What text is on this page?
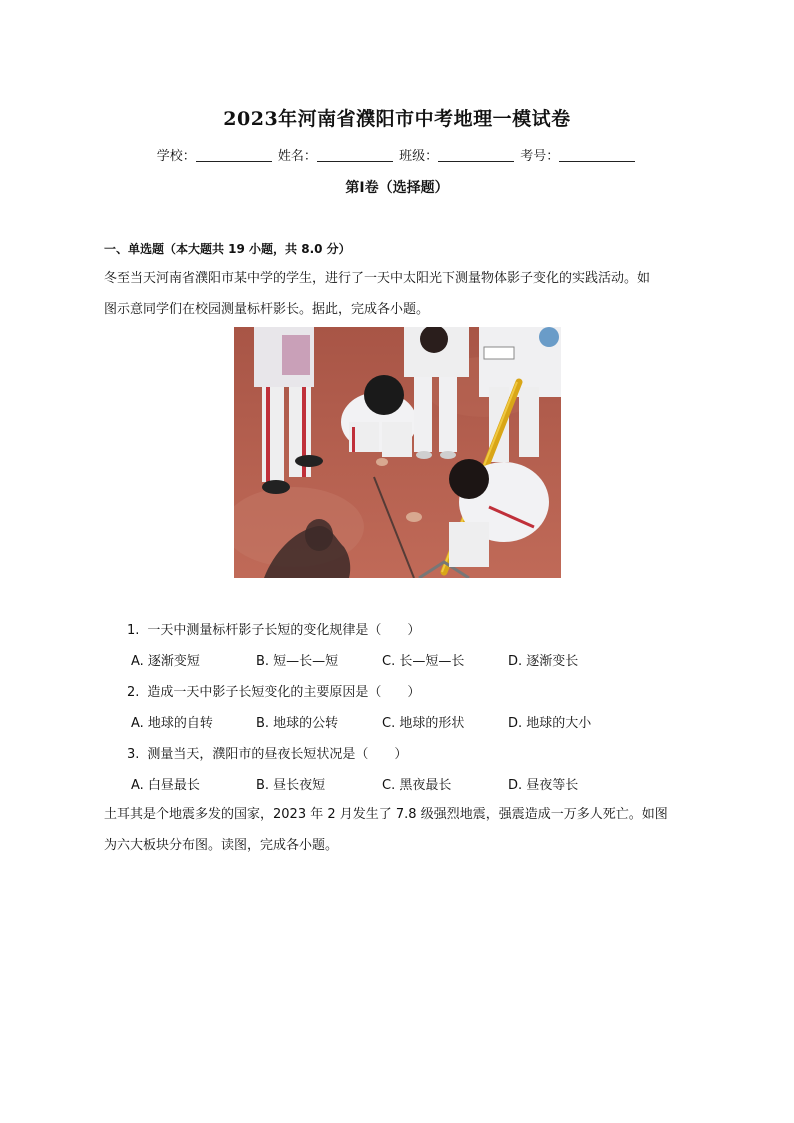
2023年河南省濮阳市中考地理一模试卷
学校：	姓名：	班级：	考号：
第I卷（选择题）
一、单选题（本大题共 19 小题，共 8.0 分）
冬至当天河南省濮阳市某中学的学生，进行了一天中太阳光下测量物体影子变化的实践活动。如
图示意同学们在校园测量标杆影长。据此，完成各小题。
1. 一天中测量标杆影子长短的变化规律是（　　）
A. 逐渐变短	B. 短—长—短	C. 长—短—长	D. 逐渐变长
2. 造成一天中影子长短变化的主要原因是（　　）
A. 地球的自转	B. 地球的公转	C. 地球的形状	D. 地球的大小
3. 测量当天，濮阳市的昼夜长短状况是（　　）
A. 白昼最长	B. 昼长夜短	C. 黑夜最长	D. 昼夜等长
土耳其是个地震多发的国家，2023 年 2 月发生了 7.8 级强烈地震，强震造成一万多人死亡。如图
为六大板块分布图。读图，完成各小题。
